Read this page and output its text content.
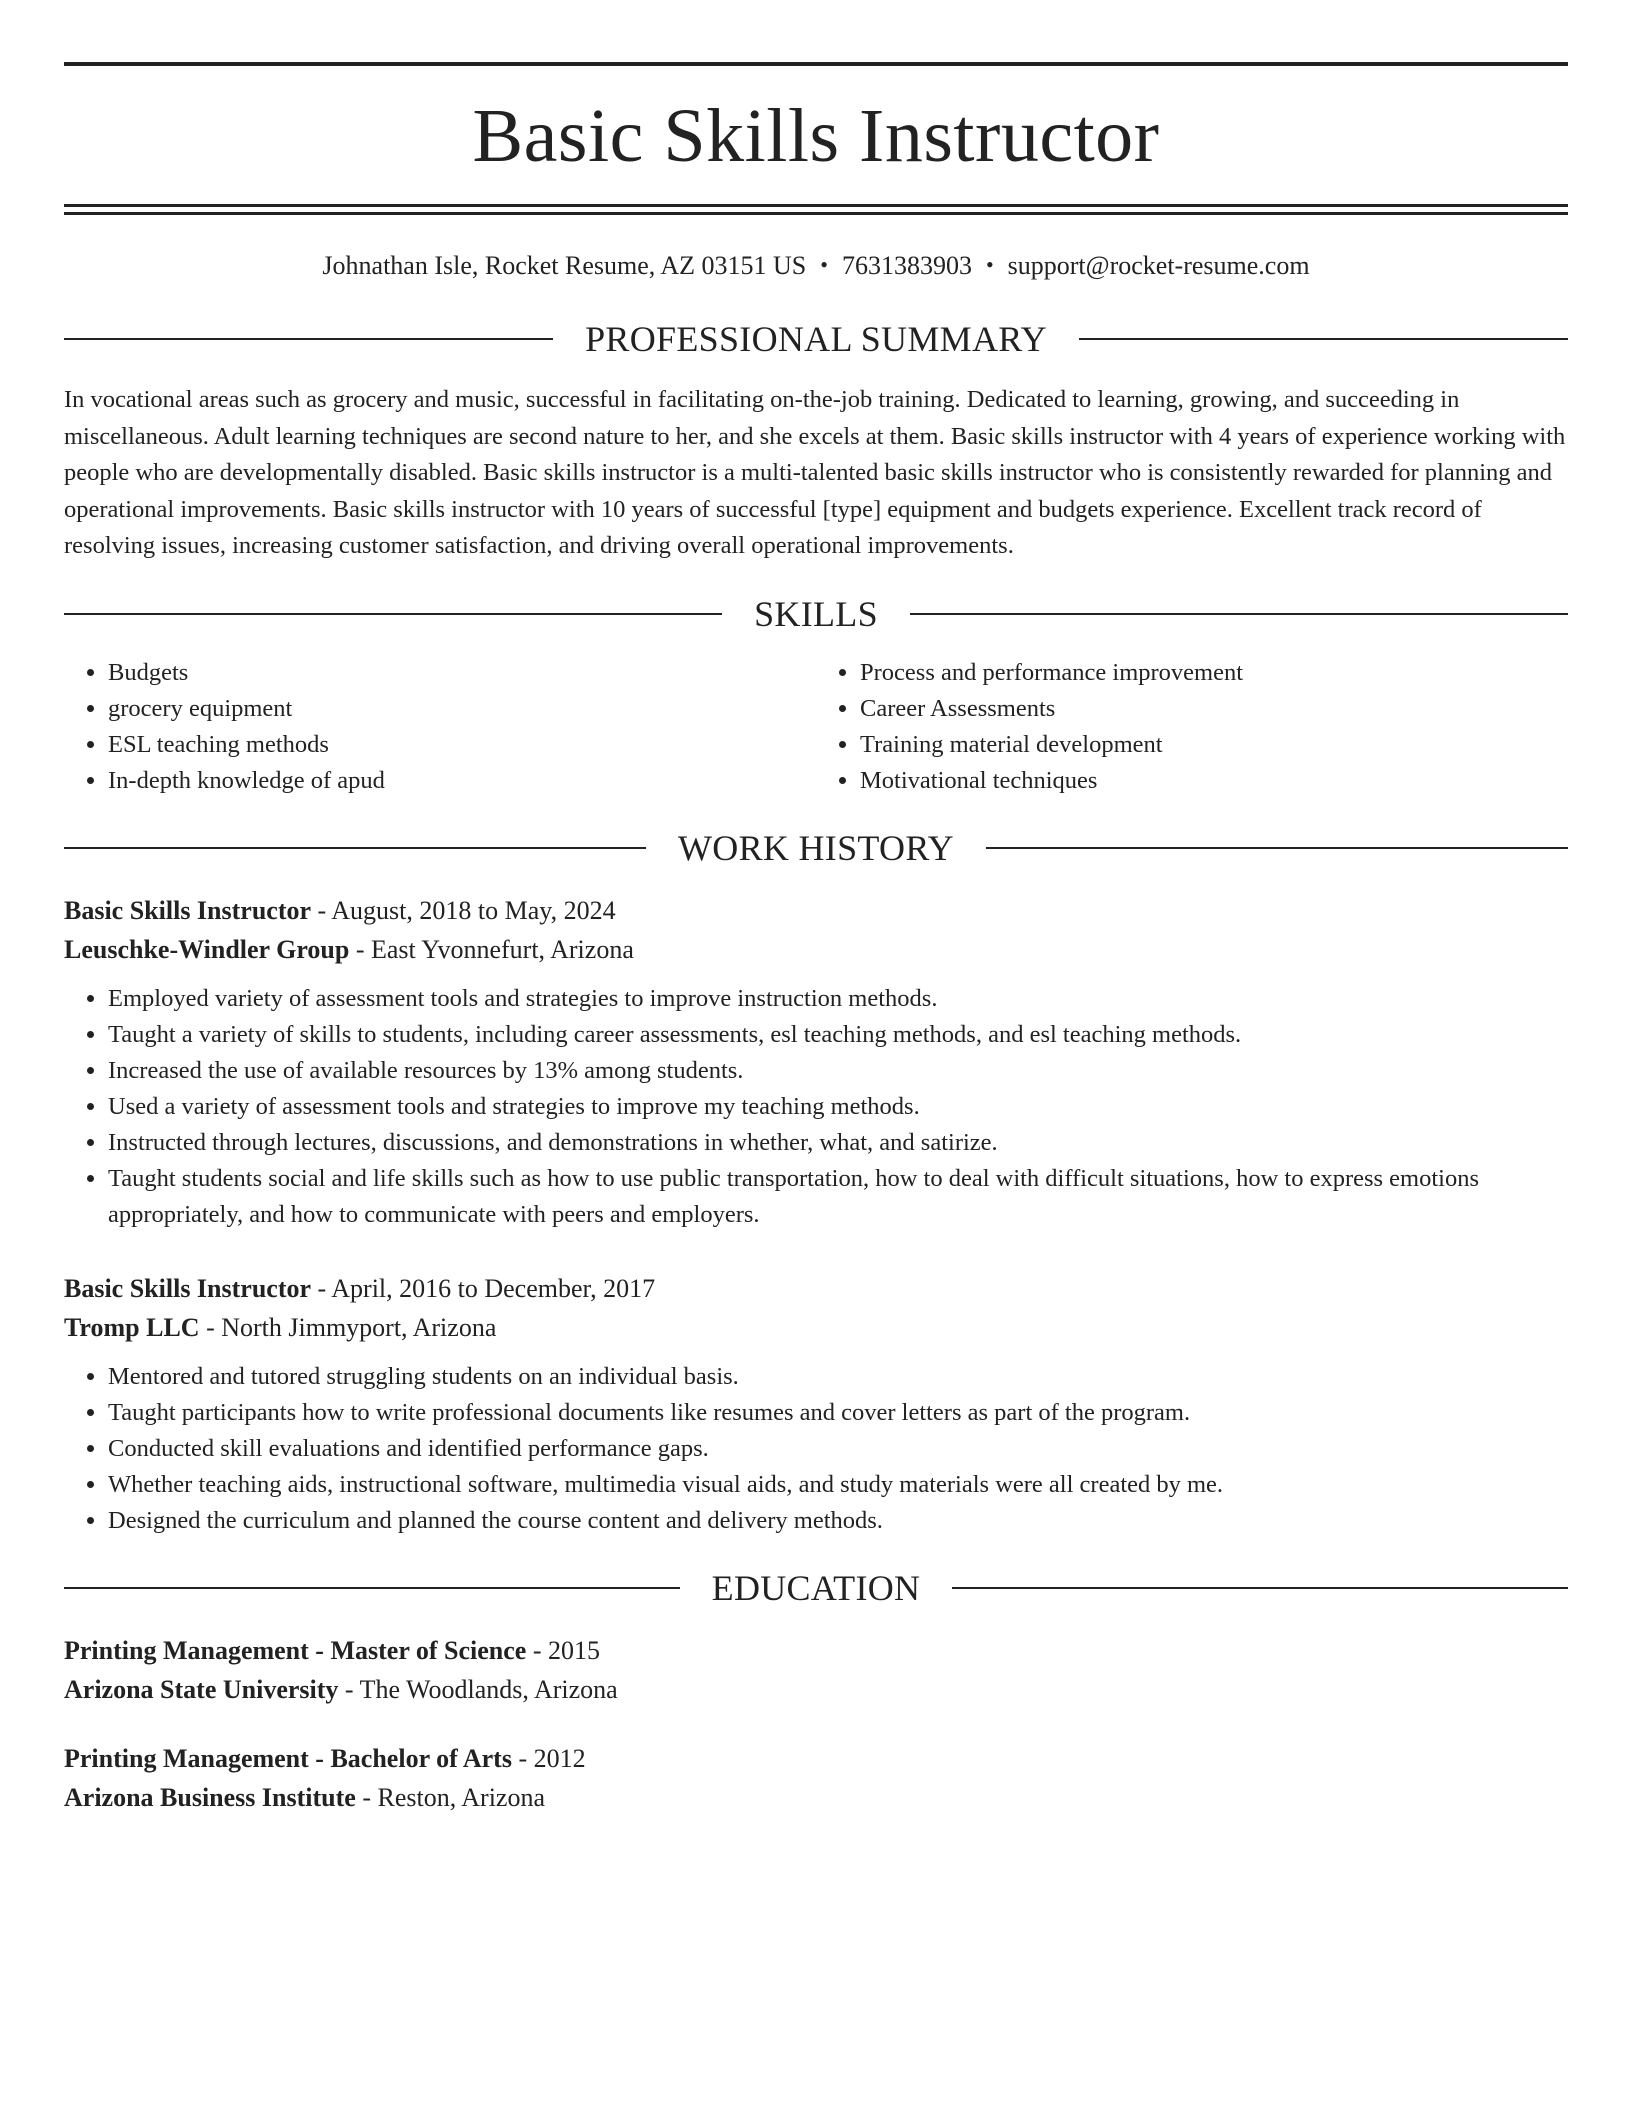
Basic Skills Instructor
Johnathan Isle, Rocket Resume, AZ 03151 US • 7631383903 • support@rocket-resume.com
PROFESSIONAL SUMMARY

In vocational areas such as grocery and music, successful in facilitating on-the-job training. Dedicated to learning, growing, and succeeding in miscellaneous. Adult learning techniques are second nature to her, and she excels at them. Basic skills instructor with 4 years of experience working with people who are developmentally disabled. Basic skills instructor is a multi-talented basic skills instructor who is consistently rewarded for planning and operational improvements. Basic skills instructor with 10 years of successful [type] equipment and budgets experience. Excellent track record of resolving issues, increasing customer satisfaction, and driving overall operational improvements.

SKILLS
• Budgets
• grocery equipment
• ESL teaching methods
• In-depth knowledge of apud
• Process and performance improvement
• Career Assessments
• Training material development
• Motivational techniques
WORK HISTORY
Basic Skills Instructor - August, 2018 to May, 2024
Leuschke-Windler Group - East Yvonnefurt, Arizona
• Employed variety of assessment tools and strategies to improve instruction methods.
• Taught a variety of skills to students, including career assessments, esl teaching methods, and esl teaching methods.
• Increased the use of available resources by 13% among students.
• Used a variety of assessment tools and strategies to improve my teaching methods.
• Instructed through lectures, discussions, and demonstrations in whether, what, and satirize.
• Taught students social and life skills such as how to use public transportation, how to deal with difficult situations, how to express emotions appropriately, and how to communicate with peers and employers.
Basic Skills Instructor - April, 2016 to December, 2017
Tromp LLC - North Jimmyport, Arizona
• Mentored and tutored struggling students on an individual basis.
• Taught participants how to write professional documents like resumes and cover letters as part of the program.
• Conducted skill evaluations and identified performance gaps.
• Whether teaching aids, instructional software, multimedia visual aids, and study materials were all created by me.
• Designed the curriculum and planned the course content and delivery methods.
EDUCATION
Printing Management - Master of Science - 2015
Arizona State University - The Woodlands, Arizona
Printing Management - Bachelor of Arts - 2012
Arizona Business Institute - Reston, Arizona
